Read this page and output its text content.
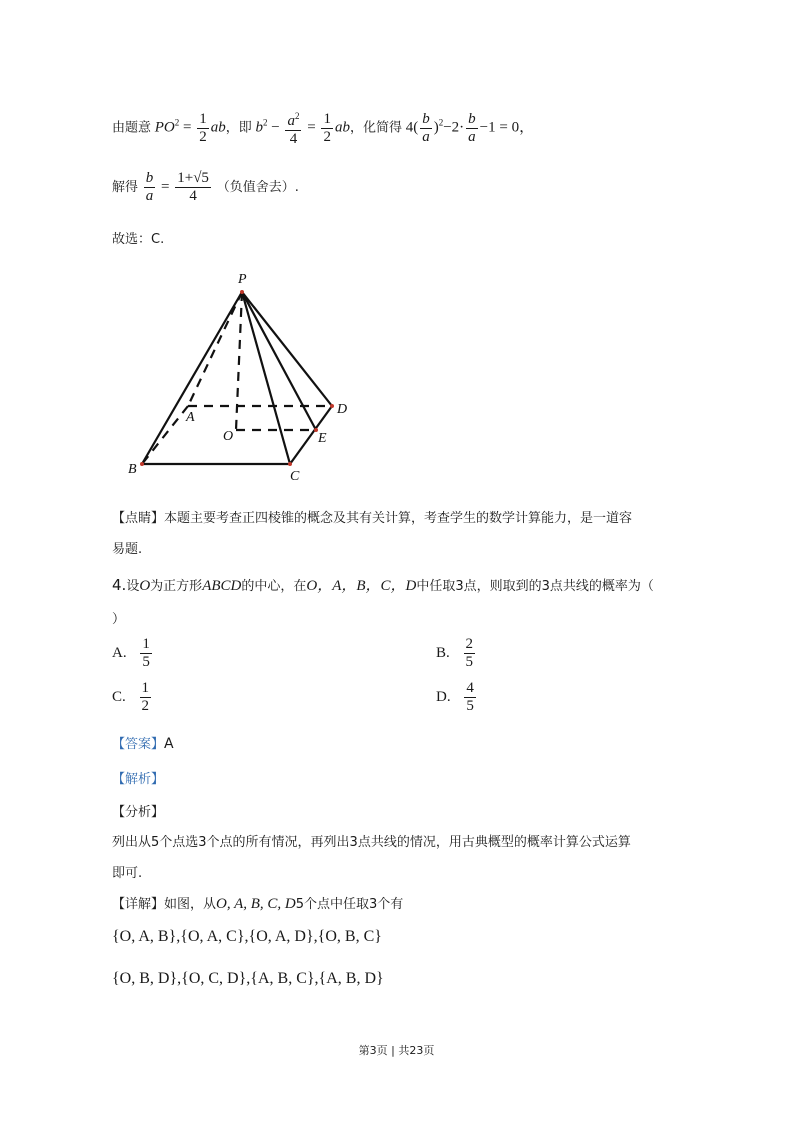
由题意 $PO^2 = \frac{1}{2}$ ab，即 $b^2 - \frac{a^2}{4} = \frac{1}{2}$ ab，化简得 $4( \frac{b}{a} )^2-2\cdot \frac{b}{a} -1 = 0$，
解得 $\frac{b}{a} = \frac{1+√5}{4}$ （负值舍去）.
故选：C.
P
A
D
O	E
B	C
【点睛】本题主要考查正四棱锥的概念及其有关计算，考查学生的数学计算能力，是一道容
易题.
4.设O为正方形ABCD的中心，在O，A，B，C，D中任取3点，则取到的3点共线的概率为（
）
A. $\frac{1}{5}$	B. $\frac{2}{5}$
C. $\frac{1}{2}$	D. $\frac{4}{5}$
【答案】A
【解析】
【分析】
列出从5个点选3个点的所有情况，再列出3点共线的情况，用古典概型的概率计算公式运算
即可.
【详解】如图，从O, A, B, C, D5个点中任取3个有
{O, A, B},{O, A, C},{O, A, D},{O, B, C}
{O, B, D},{O, C, D},{A, B, C},{A, B, D}
第3页 | 共23页
